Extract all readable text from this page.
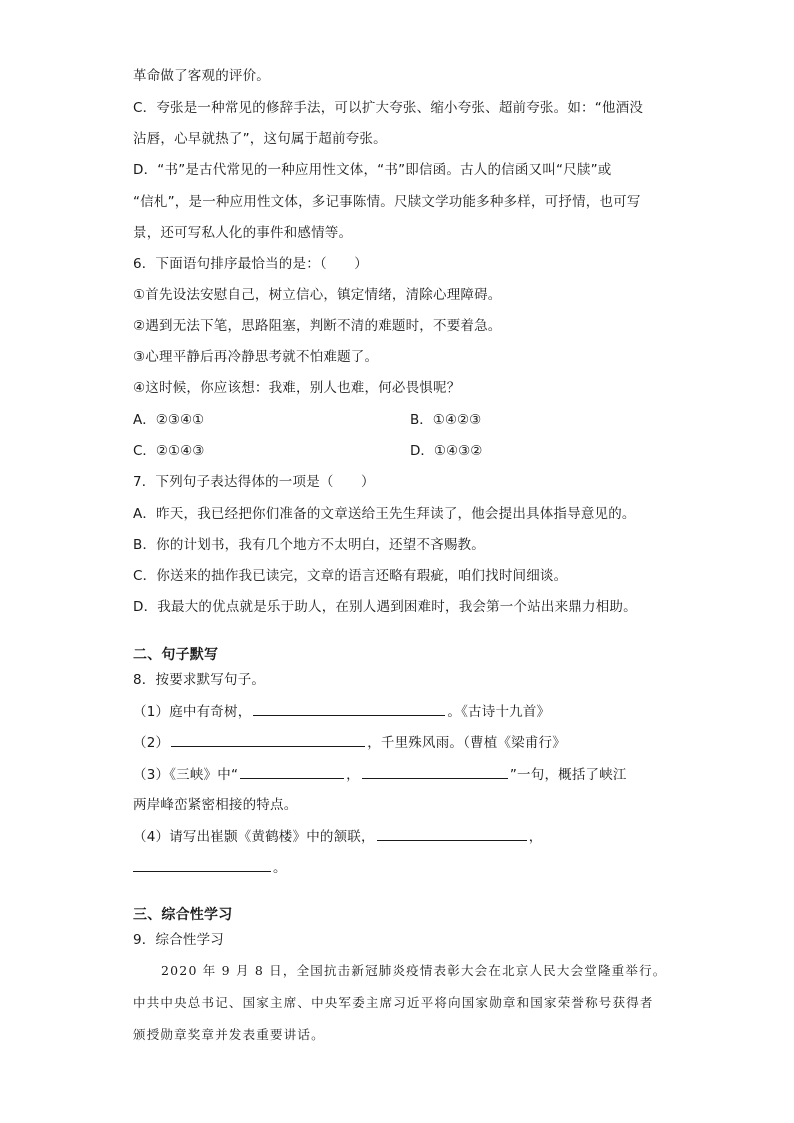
革命做了客观的评价。
C．夸张是一种常见的修辞手法，可以扩大夸张、缩小夸张、超前夸张。如：“他酒没
沾唇，心早就热了”，这句属于超前夸张。
D．“书”是古代常见的一种应用性文体，“书”即信函。古人的信函又叫“尺牍”或
“信札”，是一种应用性文体，多记事陈情。尺牍文学功能多种多样，可抒情，也可写
景，还可写私人化的事件和感情等。
6．下面语句排序最恰当的是：（　　）
①首先设法安慰自己，树立信心，镇定情绪，清除心理障碍。
②遇到无法下笔，思路阻塞，判断不清的难题时，不要着急。
③心理平静后再冷静思考就不怕难题了。
④这时候，你应该想：我难，别人也难，何必畏惧呢？
A．②③④①	B．①④②③
C．②①④③	D．①④③②
7．下列句子表达得体的一项是（　　）
A．昨天，我已经把你们准备的文章送给王先生拜读了，他会提出具体指导意见的。
B．你的计划书，我有几个地方不太明白，还望不吝赐教。
C．你送来的拙作我已读完，文章的语言还略有瑕疵，咱们找时间细谈。
D．我最大的优点就是乐于助人，在别人遇到困难时，我会第一个站出来鼎力相助。
二、句子默写
8．按要求默写句子。
（1）庭中有奇树，	。《古诗十九首》
（2）	，千里殊风雨。（曹植《梁甫行》
（3）《三峡》中“	，	”一句，概括了峡江
两岸峰峦紧密相接的特点。
（4）请写出崔颢《黄鹤楼》中的颔联，	，
。
三、综合性学习
9．综合性学习
2020 年 9 月 8 日，全国抗击新冠肺炎疫情表彰大会在北京人民大会堂隆重举行。
中共中央总书记、国家主席、中央军委主席习近平将向国家勋章和国家荣誉称号获得者
颁授勋章奖章并发表重要讲话。
